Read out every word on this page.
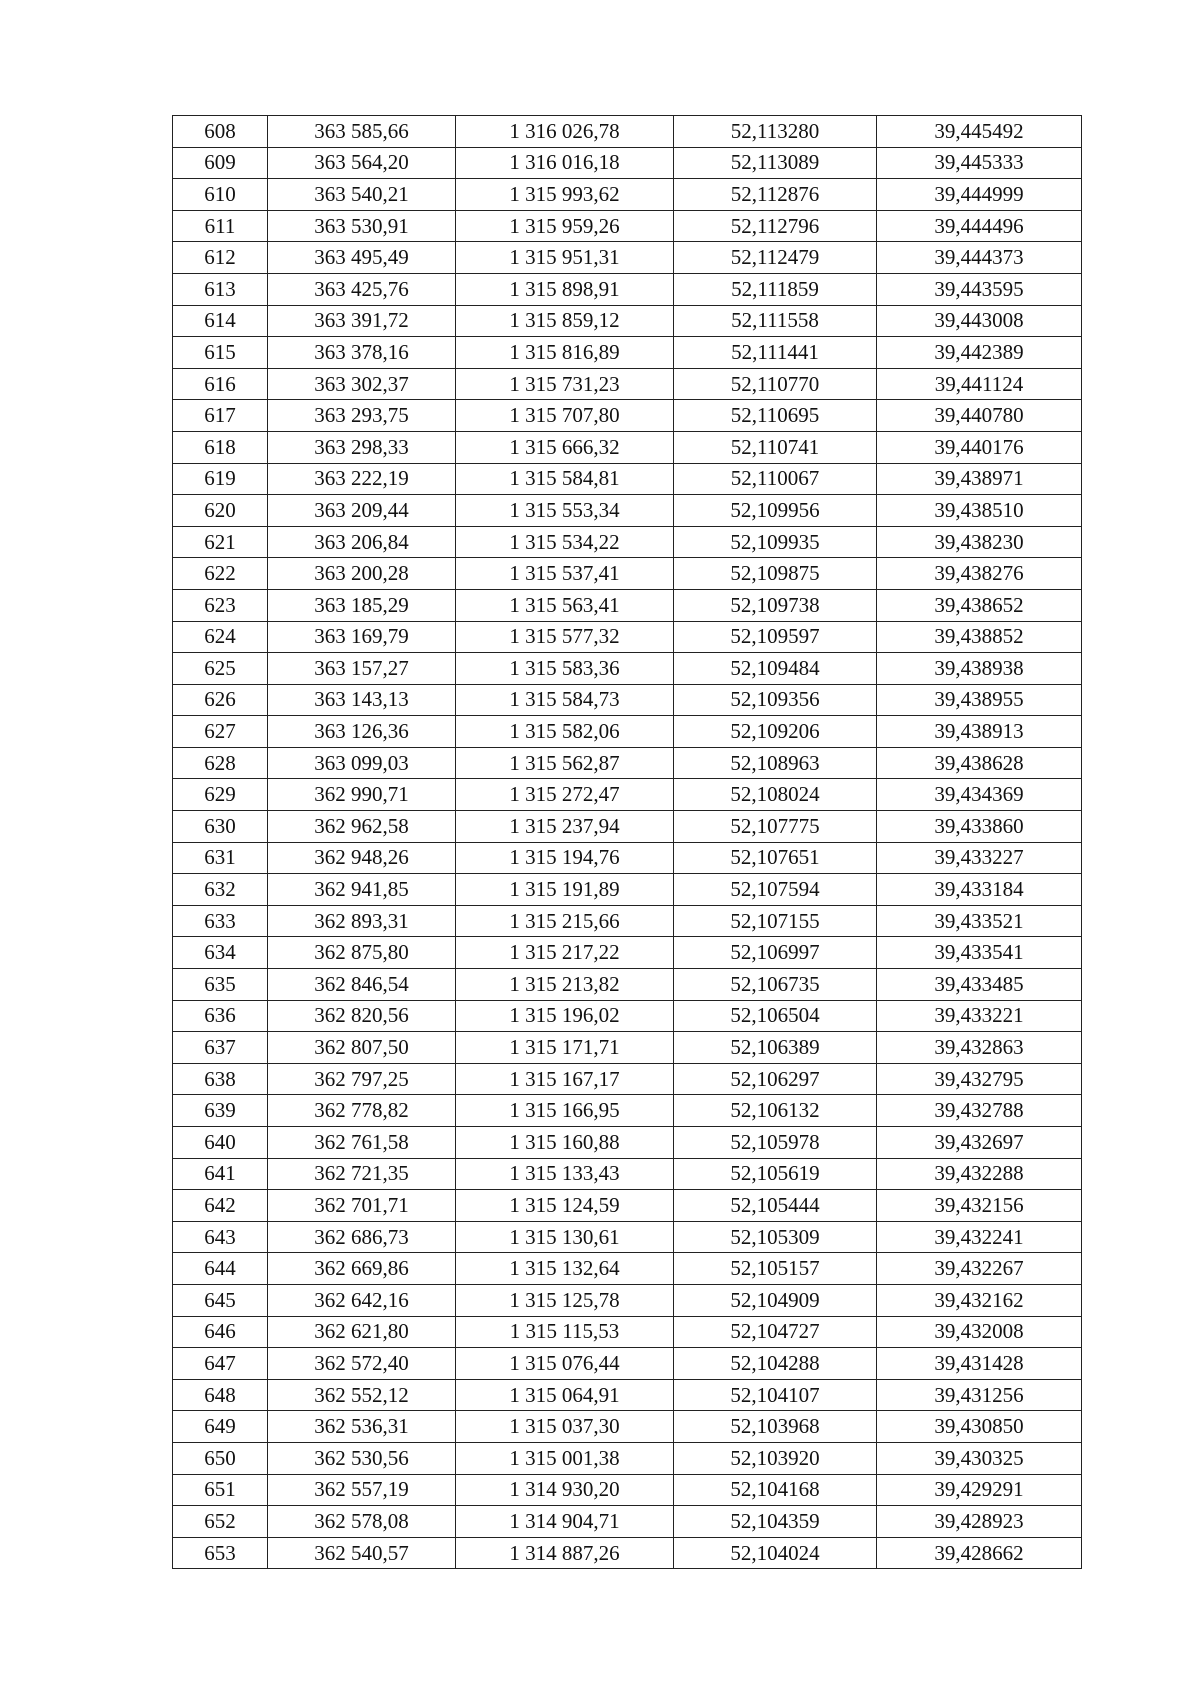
608	363 585,66	1 316 026,78	52,113280	39,445492
609	363 564,20	1 316 016,18	52,113089	39,445333
610	363 540,21	1 315 993,62	52,112876	39,444999
611	363 530,91	1 315 959,26	52,112796	39,444496
612	363 495,49	1 315 951,31	52,112479	39,444373
613	363 425,76	1 315 898,91	52,111859	39,443595
614	363 391,72	1 315 859,12	52,111558	39,443008
615	363 378,16	1 315 816,89	52,111441	39,442389
616	363 302,37	1 315 731,23	52,110770	39,441124
617	363 293,75	1 315 707,80	52,110695	39,440780
618	363 298,33	1 315 666,32	52,110741	39,440176
619	363 222,19	1 315 584,81	52,110067	39,438971
620	363 209,44	1 315 553,34	52,109956	39,438510
621	363 206,84	1 315 534,22	52,109935	39,438230
622	363 200,28	1 315 537,41	52,109875	39,438276
623	363 185,29	1 315 563,41	52,109738	39,438652
624	363 169,79	1 315 577,32	52,109597	39,438852
625	363 157,27	1 315 583,36	52,109484	39,438938
626	363 143,13	1 315 584,73	52,109356	39,438955
627	363 126,36	1 315 582,06	52,109206	39,438913
628	363 099,03	1 315 562,87	52,108963	39,438628
629	362 990,71	1 315 272,47	52,108024	39,434369
630	362 962,58	1 315 237,94	52,107775	39,433860
631	362 948,26	1 315 194,76	52,107651	39,433227
632	362 941,85	1 315 191,89	52,107594	39,433184
633	362 893,31	1 315 215,66	52,107155	39,433521
634	362 875,80	1 315 217,22	52,106997	39,433541
635	362 846,54	1 315 213,82	52,106735	39,433485
636	362 820,56	1 315 196,02	52,106504	39,433221
637	362 807,50	1 315 171,71	52,106389	39,432863
638	362 797,25	1 315 167,17	52,106297	39,432795
639	362 778,82	1 315 166,95	52,106132	39,432788
640	362 761,58	1 315 160,88	52,105978	39,432697
641	362 721,35	1 315 133,43	52,105619	39,432288
642	362 701,71	1 315 124,59	52,105444	39,432156
643	362 686,73	1 315 130,61	52,105309	39,432241
644	362 669,86	1 315 132,64	52,105157	39,432267
645	362 642,16	1 315 125,78	52,104909	39,432162
646	362 621,80	1 315 115,53	52,104727	39,432008
647	362 572,40	1 315 076,44	52,104288	39,431428
648	362 552,12	1 315 064,91	52,104107	39,431256
649	362 536,31	1 315 037,30	52,103968	39,430850
650	362 530,56	1 315 001,38	52,103920	39,430325
651	362 557,19	1 314 930,20	52,104168	39,429291
652	362 578,08	1 314 904,71	52,104359	39,428923
653	362 540,57	1 314 887,26	52,104024	39,428662
